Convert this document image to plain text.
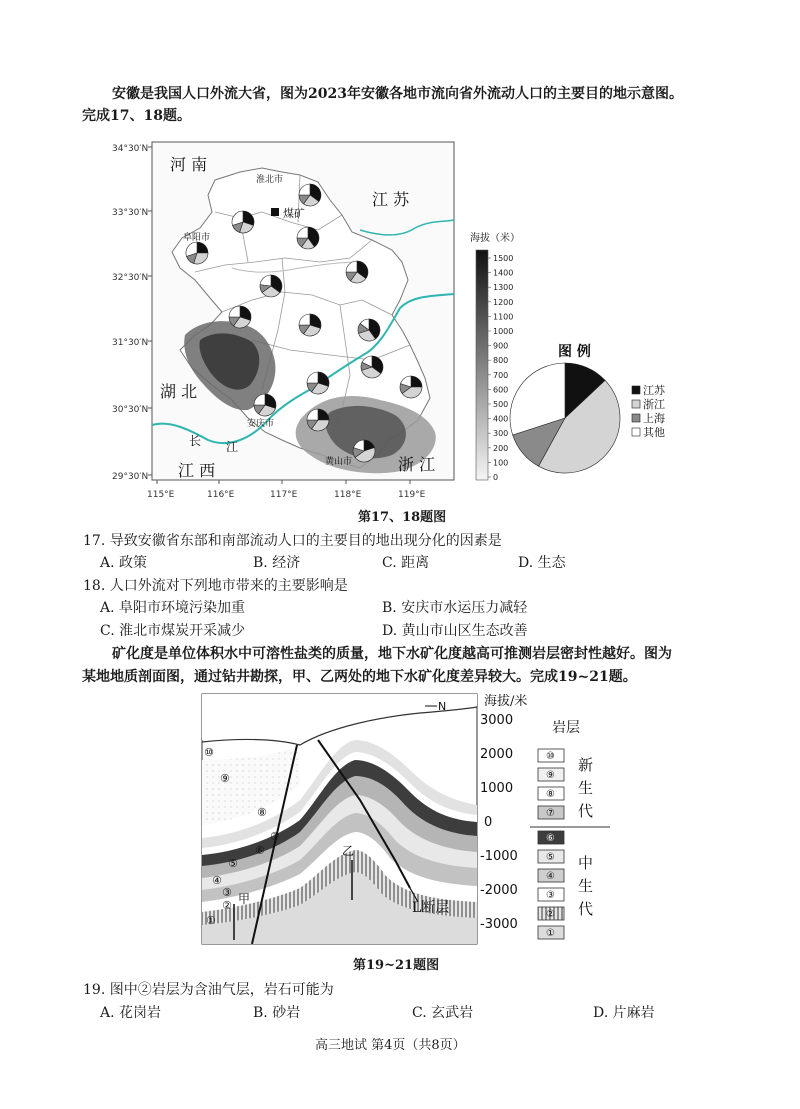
安徽是我国人口外流大省，图为2023年安徽各地市流向省外流动人口的主要目的地示意图。
完成17、18题。
34°30′N
33°30′N
32°30′N
31°30′N
30°30′N
29°30′N
115°E	116°E	117°E	118°E	119°E
河 南
江 苏
湖 北
江 西	浙 江
淮北市
阜阳市
安庆市
黄山市
煤矿
长 江
海拔（米）
1500
1400
1300
1200
1100
1000
900
800
700
600
500
400
300
200
100
0
图 例
江苏
浙江
上海
其他
第17、18题图
17. 导致安徽省东部和南部流动人口的主要目的地出现分化的因素是
A. 政策	B. 经济	C. 距离	D. 生态
18. 人口外流对下列地市带来的主要影响是
A. 阜阳市环境污染加重	B. 安庆市水运压力减轻
C. 淮北市煤炭开采减少	D. 黄山市山区生态改善
矿化度是单位体积水中可溶性盐类的质量，地下水矿化度越高可推测岩层密封性越好。图为
某地地质剖面图，通过钻井勘探，甲、乙两处的地下水矿化度差异较大。完成19~21题。
L断层
N
⑩
⑨
⑧
⑦
⑥
⑤
④
③
②
①
甲
乙
海拔/米
3000
2000
1000
0
-1000
-2000
-3000
岩层
⑩
⑨
⑧
⑦
⑥
⑤
④
③
②
①
新
生
代
中
生
代
第19~21题图
19. 图中②岩层为含油气层，岩石可能为
A. 花岗岩	B. 砂岩	C. 玄武岩	D. 片麻岩
高三地试 第4页（共8页）
